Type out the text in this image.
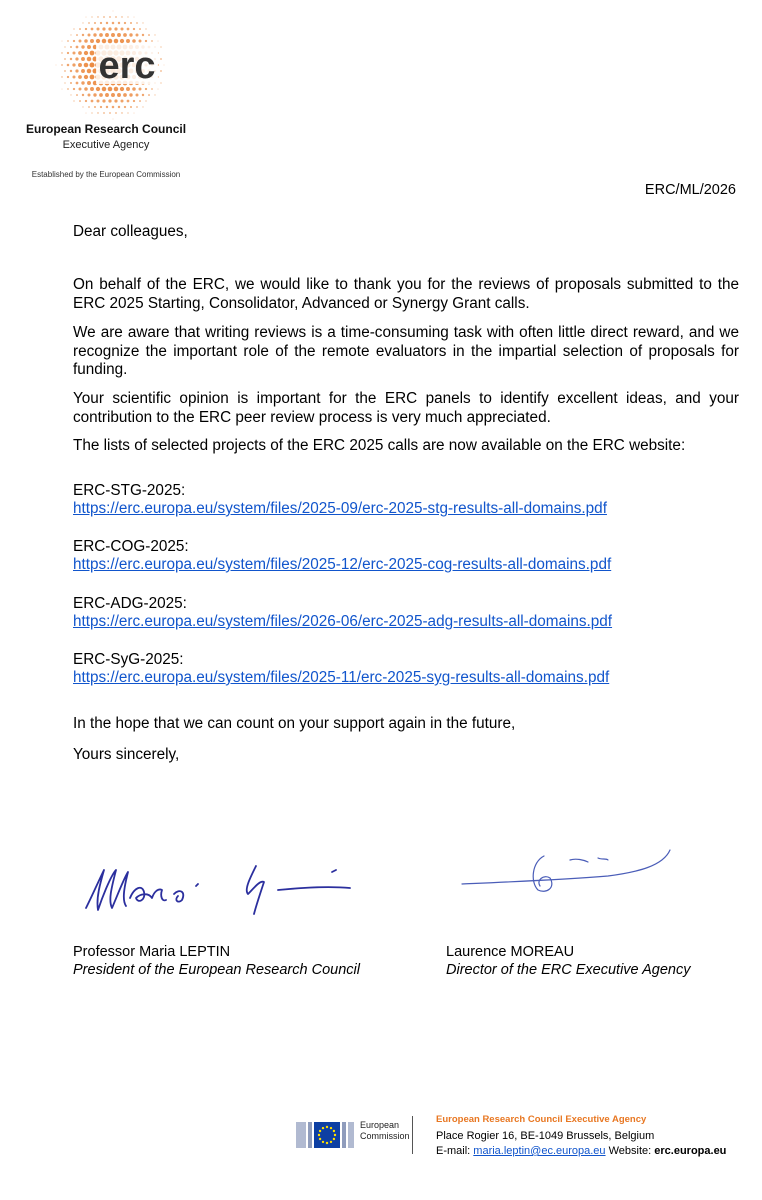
erc
European Research Council
Executive Agency
Established by the European Commission
ERC/ML/2026
Dear colleagues,
On behalf of the ERC, we would like to thank you for the reviews of proposals submitted to the ERC 2025 Starting, Consolidator, Advanced or Synergy Grant calls.
We are aware that writing reviews is a time-consuming task with often little direct reward, and we recognize the important role of the remote evaluators in the impartial selection of proposals for funding.
Your scientific opinion is important for the ERC panels to identify excellent ideas, and your contribution to the ERC peer review process is very much appreciated.
The lists of selected projects of the ERC 2025 calls are now available on the ERC website:
ERC-STG-2025:
https://erc.europa.eu/system/files/2025-09/erc-2025-stg-results-all-domains.pdf
ERC-COG-2025:
https://erc.europa.eu/system/files/2025-12/erc-2025-cog-results-all-domains.pdf
ERC-ADG-2025:
https://erc.europa.eu/system/files/2026-06/erc-2025-adg-results-all-domains.pdf
ERC-SyG-2025:
https://erc.europa.eu/system/files/2025-11/erc-2025-syg-results-all-domains.pdf
In the hope that we can count on your support again in the future,
Yours sincerely,
Professor Maria LEPTIN
President of the European Research Council
Laurence MOREAU
Director of the ERC Executive Agency
European
Commission
European Research Council Executive Agency
Place Rogier 16, BE-1049 Brussels, Belgium
E-mail: maria.leptin@ec.europa.eu Website: erc.europa.eu
